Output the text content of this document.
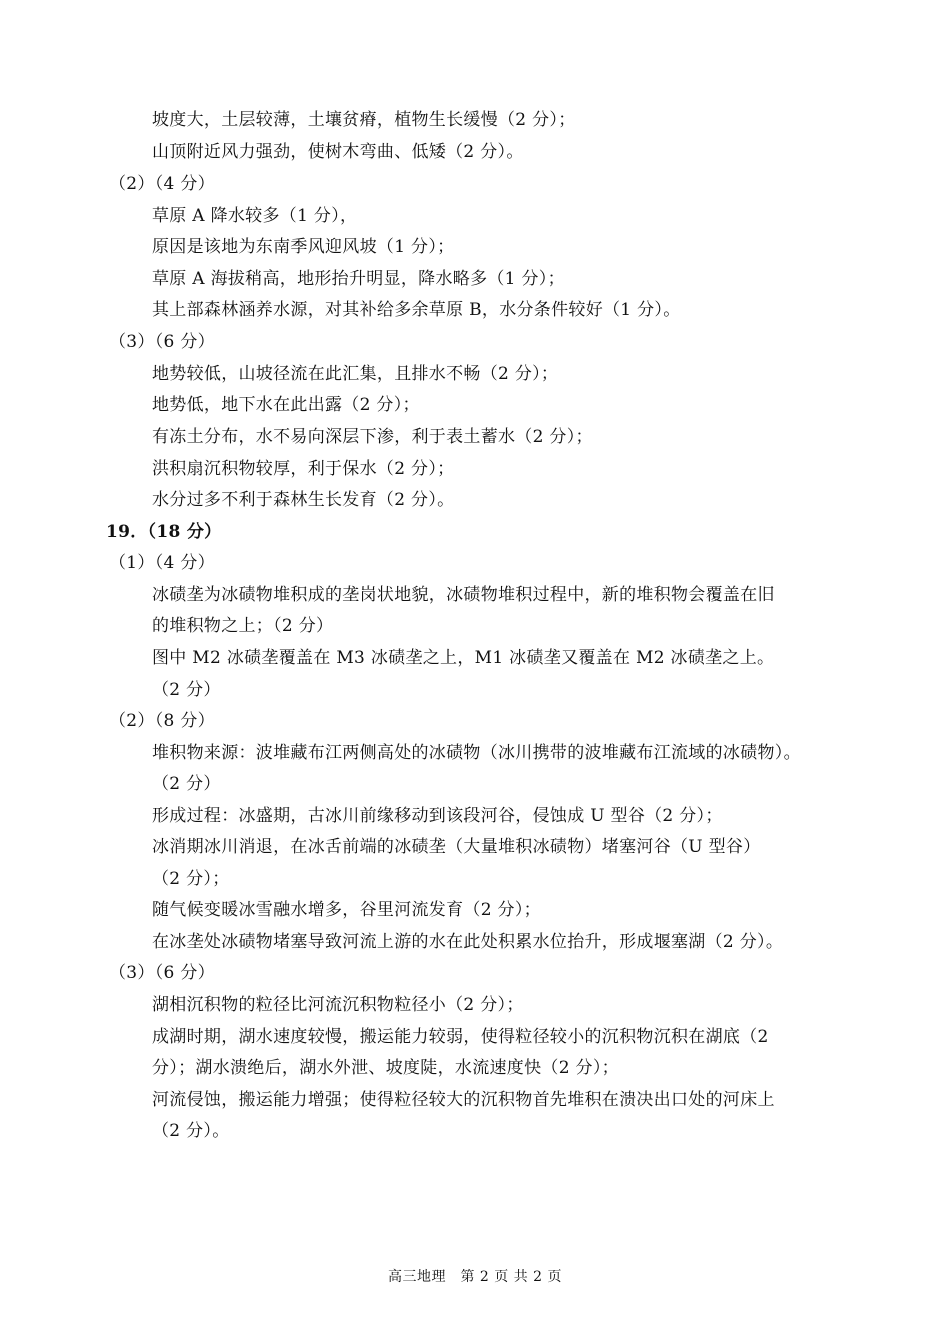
坡度大，土层较薄，土壤贫瘠，植物生长缓慢（2 分）；
山顶附近风力强劲，使树木弯曲、低矮（2 分）。
（2）（4 分）
草原 A 降水较多（1 分），
原因是该地为东南季风迎风坡（1 分）；
草原 A 海拔稍高，地形抬升明显，降水略多（1 分）；
其上部森林涵养水源，对其补给多余草原 B，水分条件较好（1 分）。
（3）（6 分）
地势较低，山坡径流在此汇集，且排水不畅（2 分）；
地势低，地下水在此出露（2 分）；
有冻土分布，水不易向深层下渗，利于表土蓄水（2 分）；
洪积扇沉积物较厚，利于保水（2 分）；
水分过多不利于森林生长发育（2 分）。
19．（18 分）
（1）（4 分）
冰碛垄为冰碛物堆积成的垄岗状地貌，冰碛物堆积过程中，新的堆积物会覆盖在旧
的堆积物之上；（2 分）
图中 M2 冰碛垄覆盖在 M3 冰碛垄之上，M1 冰碛垄又覆盖在 M2 冰碛垄之上。
（2 分）
（2）（8 分）
堆积物来源：波堆藏布江两侧高处的冰碛物（冰川携带的波堆藏布江流域的冰碛物）。
（2 分）
形成过程：冰盛期，古冰川前缘移动到该段河谷，侵蚀成 U 型谷（2 分）；
冰消期冰川消退，在冰舌前端的冰碛垄（大量堆积冰碛物）堵塞河谷（U 型谷）
（2 分）；
随气候变暖冰雪融水增多，谷里河流发育（2 分）；
在冰垄处冰碛物堵塞导致河流上游的水在此处积累水位抬升，形成堰塞湖（2 分）。
（3）（6 分）
湖相沉积物的粒径比河流沉积物粒径小（2 分）；
成湖时期，湖水速度较慢，搬运能力较弱，使得粒径较小的沉积物沉积在湖底（2
分）；湖水溃绝后，湖水外泄、坡度陡，水流速度快（2 分）；
河流侵蚀，搬运能力增强；使得粒径较大的沉积物首先堆积在溃决出口处的河床上
（2 分）。
高三地理　第 2 页 共 2 页
